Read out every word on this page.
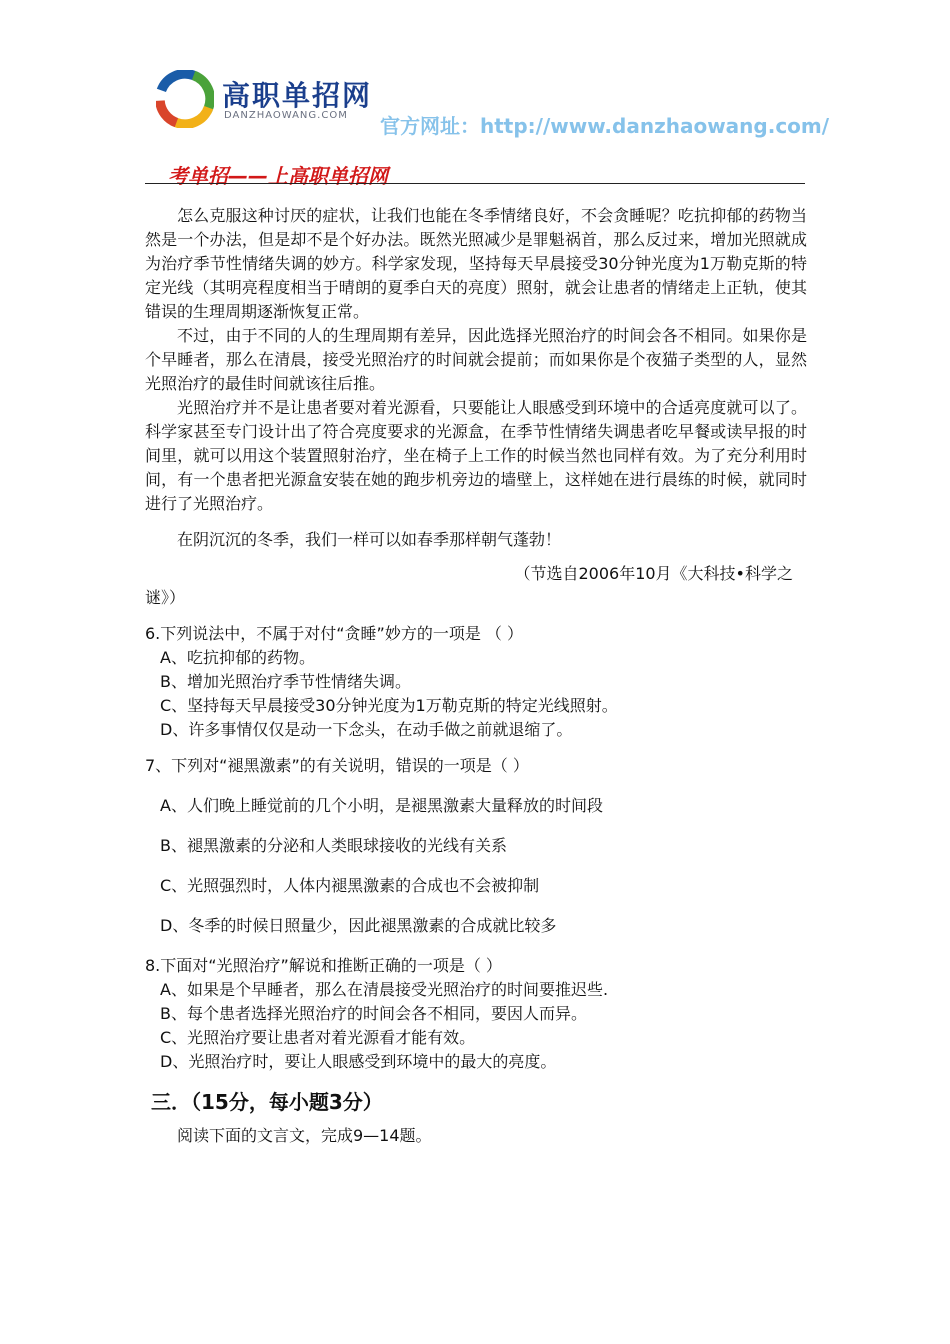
高职单招网
DANZHAOWANG.COM 官方网址：http://www.danzhaowang.com/
考单招——上高职单招网

怎么克服这种讨厌的症状，让我们也能在冬季情绪良好，不会贪睡呢？吃抗抑郁的药物当然是一个办法，但是却不是个好办法。既然光照减少是罪魁祸首，那么反过来，增加光照就成为治疗季节性情绪失调的妙方。科学家发现，坚持每天早晨接受30分钟光度为1万勒克斯的特定光线（其明亮程度相当于晴朗的夏季白天的亮度）照射，就会让患者的情绪走上正轨，使其错误的生理周期逐渐恢复正常。

不过，由于不同的人的生理周期有差异，因此选择光照治疗的时间会各不相同。如果你是个早睡者，那么在清晨，接受光照治疗的时间就会提前；而如果你是个夜猫子类型的人，显然光照治疗的最佳时间就该往后推。

光照治疗并不是让患者要对着光源看，只要能让人眼感受到环境中的合适亮度就可以了。科学家甚至专门设计出了符合亮度要求的光源盒，在季节性情绪失调患者吃早餐或读早报的时间里，就可以用这个装置照射治疗，坐在椅子上工作的时候当然也同样有效。为了充分利用时间，有一个患者把光源盒安装在她的跑步机旁边的墙壁上，这样她在进行晨练的时候，就同时进行了光照治疗。

在阴沉沉的冬季，我们一样可以如春季那样朝气蓬勃！

（节选自2006年10月《大科技•科学之

谜》）

6.下列说法中，不属于对付“贪睡”妙方的一项是 （ ）

A、吃抗抑郁的药物。

B、增加光照治疗季节性情绪失调。

C、坚持每天早晨接受30分钟光度为1万勒克斯的特定光线照射。

D、许多事情仅仅是动一下念头，在动手做之前就退缩了。

7、下列对“褪黑激素”的有关说明，错误的一项是（ ）

A、人们晚上睡觉前的几个小明，是褪黑激素大量释放的时间段

B、褪黑激素的分泌和人类眼球接收的光线有关系

C、光照强烈时，人体内褪黑激素的合成也不会被抑制

D、冬季的时候日照量少，因此褪黑激素的合成就比较多

8.下面对“光照治疗”解说和推断正确的一项是（ ）

A、如果是个早睡者，那么在清晨接受光照治疗的时间要推迟些.

B、每个患者选择光照治疗的时间会各不相同，要因人而异。

C、光照治疗要让患者对着光源看才能有效。

D、光照治疗时，要让人眼感受到环境中的最大的亮度。

三．（15分，每小题3分）

阅读下面的文言文，完成9—14题。
